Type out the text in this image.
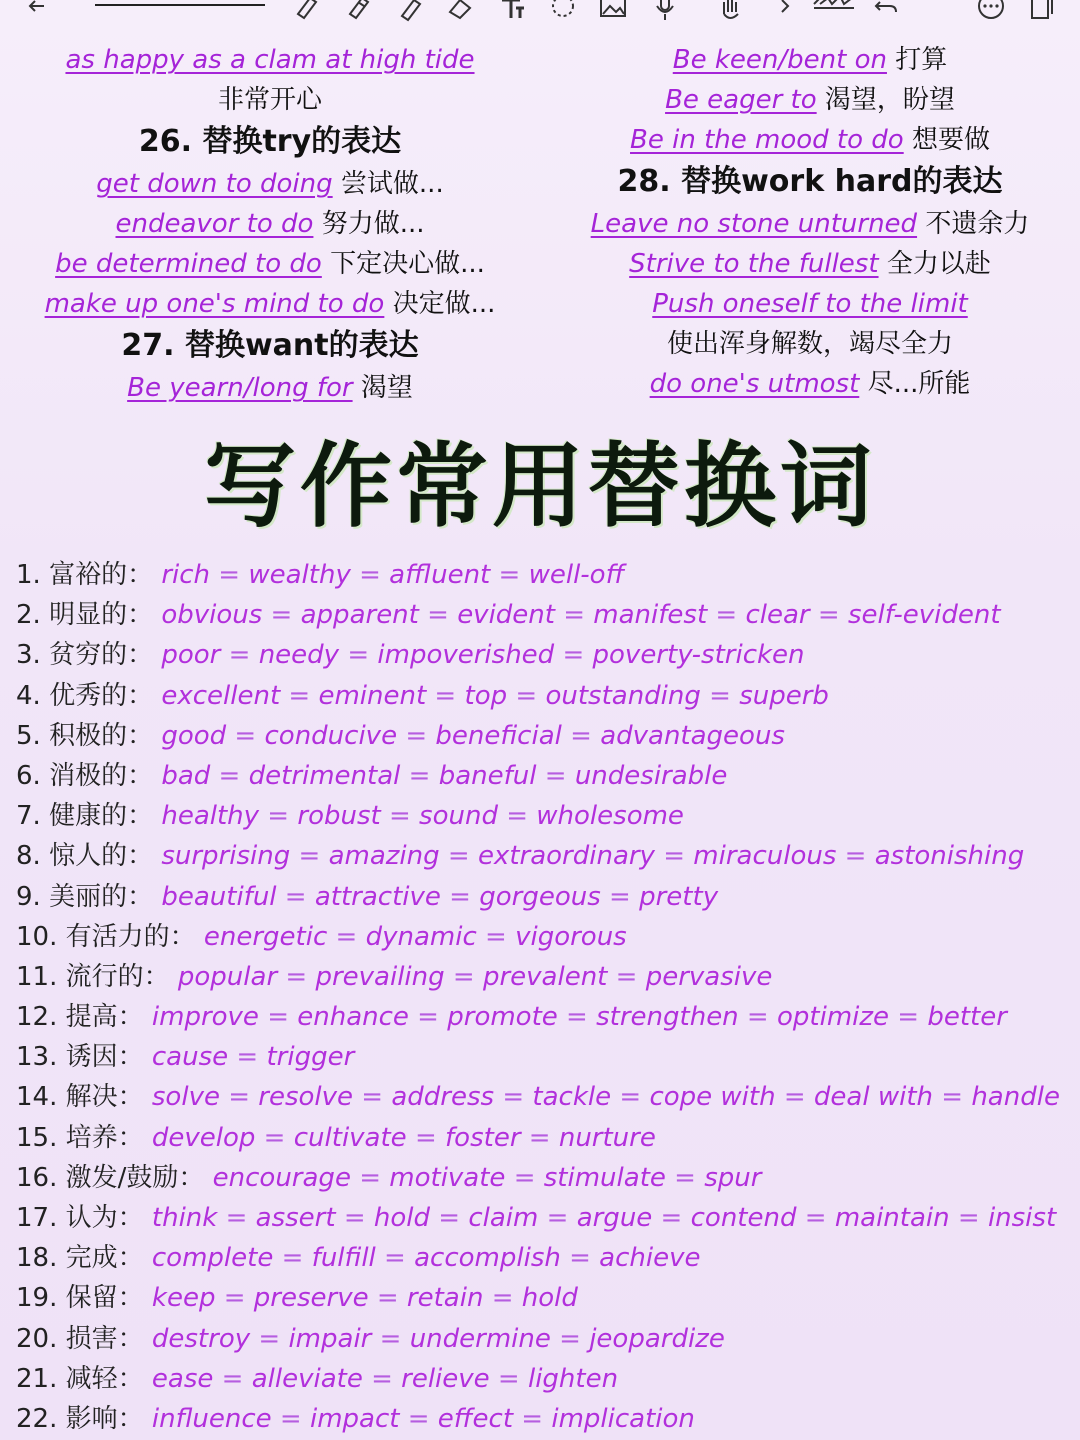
as happy as a clam at high tide
非常开心
26. 替换try的表达
get down to doing 尝试做...
endeavor to do 努力做...
be determined to do 下定决心做...
make up one's mind to do 决定做...
27. 替换want的表达
Be yearn/long for 渴望
Be keen/bent on 打算
Be eager to 渴望，盼望
Be in the mood to do 想要做
28. 替换work hard的表达
Leave no stone unturned 不遗余力
Strive to the fullest 全力以赴
Push oneself to the limit
使出浑身解数，竭尽全力
do one's utmost 尽...所能
写作常用替换词
1. 富裕的： rich = wealthy = affluent = well-off
2. 明显的： obvious = apparent = evident = manifest = clear = self-evident
3. 贫穷的： poor = needy = impoverished = poverty-stricken
4. 优秀的： excellent = eminent = top = outstanding = superb
5. 积极的： good = conducive = beneficial = advantageous
6. 消极的： bad = detrimental = baneful = undesirable
7. 健康的： healthy = robust = sound = wholesome
8. 惊人的： surprising = amazing = extraordinary = miraculous = astonishing
9. 美丽的： beautiful = attractive = gorgeous = pretty
10. 有活力的： energetic = dynamic = vigorous
11. 流行的： popular = prevailing = prevalent = pervasive
12. 提高： improve = enhance = promote = strengthen = optimize = better
13. 诱因： cause = trigger
14. 解决： solve = resolve = address = tackle = cope with = deal with = handle
15. 培养： develop = cultivate = foster = nurture
16. 激发/鼓励： encourage = motivate = stimulate = spur
17. 认为： think = assert = hold = claim = argue = contend = maintain = insist
18. 完成： complete = fulfill = accomplish = achieve
19. 保留： keep = preserve = retain = hold
20. 损害： destroy = impair = undermine = jeopardize
21. 减轻： ease = alleviate = relieve = lighten
22. 影响： influence = impact = effect = implication
